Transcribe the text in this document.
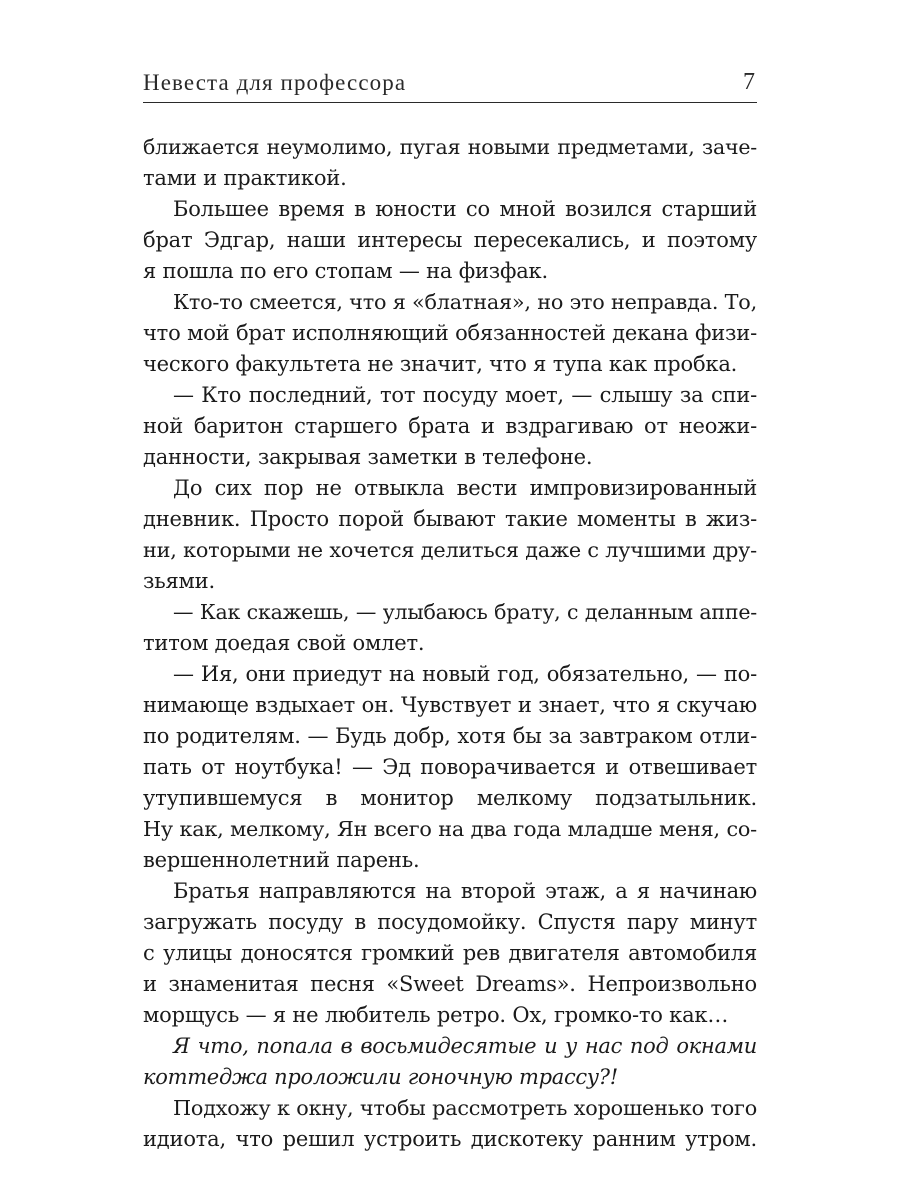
Невеста для профессора	7
ближается неумолимо, пугая новыми предметами, заче-
тами и практикой.
Большее время в юности со мной возился старший
брат Эдгар, наши интересы пересекались, и поэтому
я пошла по его стопам — на физфак.
Кто-то смеется, что я «блатная», но это неправда. То,
что мой брат исполняющий обязанностей декана физи-
ческого факультета не значит, что я тупа как пробка.
— Кто последний, тот посуду моет, — слышу за спи-
ной баритон старшего брата и вздрагиваю от неожи-
данности, закрывая заметки в телефоне.
До сих пор не отвыкла вести импровизированный
дневник. Просто порой бывают такие моменты в жиз-
ни, которыми не хочется делиться даже с лучшими дру-
зьями.
— Как скажешь, — улыбаюсь брату, с деланным аппе-
титом доедая свой омлет.
— Ия, они приедут на новый год, обязательно, — по-
нимающе вздыхает он. Чувствует и знает, что я скучаю
по родителям. — Будь добр, хотя бы за завтраком отли-
пать от ноутбука! — Эд поворачивается и отвешивает
утупившемуся в монитор мелкому подзатыльник.
Ну как, мелкому, Ян всего на два года младше меня, со-
вершеннолетний парень.
Братья направляются на второй этаж, а я начинаю
загружать посуду в посудомойку. Спустя пару минут
с улицы доносятся громкий рев двигателя автомобиля
и знаменитая песня «Sweet Dreams». Непроизвольно
морщусь — я не любитель ретро. Ох, громко-то как…
Я что, попала в восьмидесятые и у нас под окнами
коттеджа проложили гоночную трассу?!
Подхожу к окну, чтобы рассмотреть хорошенько того
идиота, что решил устроить дискотеку ранним утром.
